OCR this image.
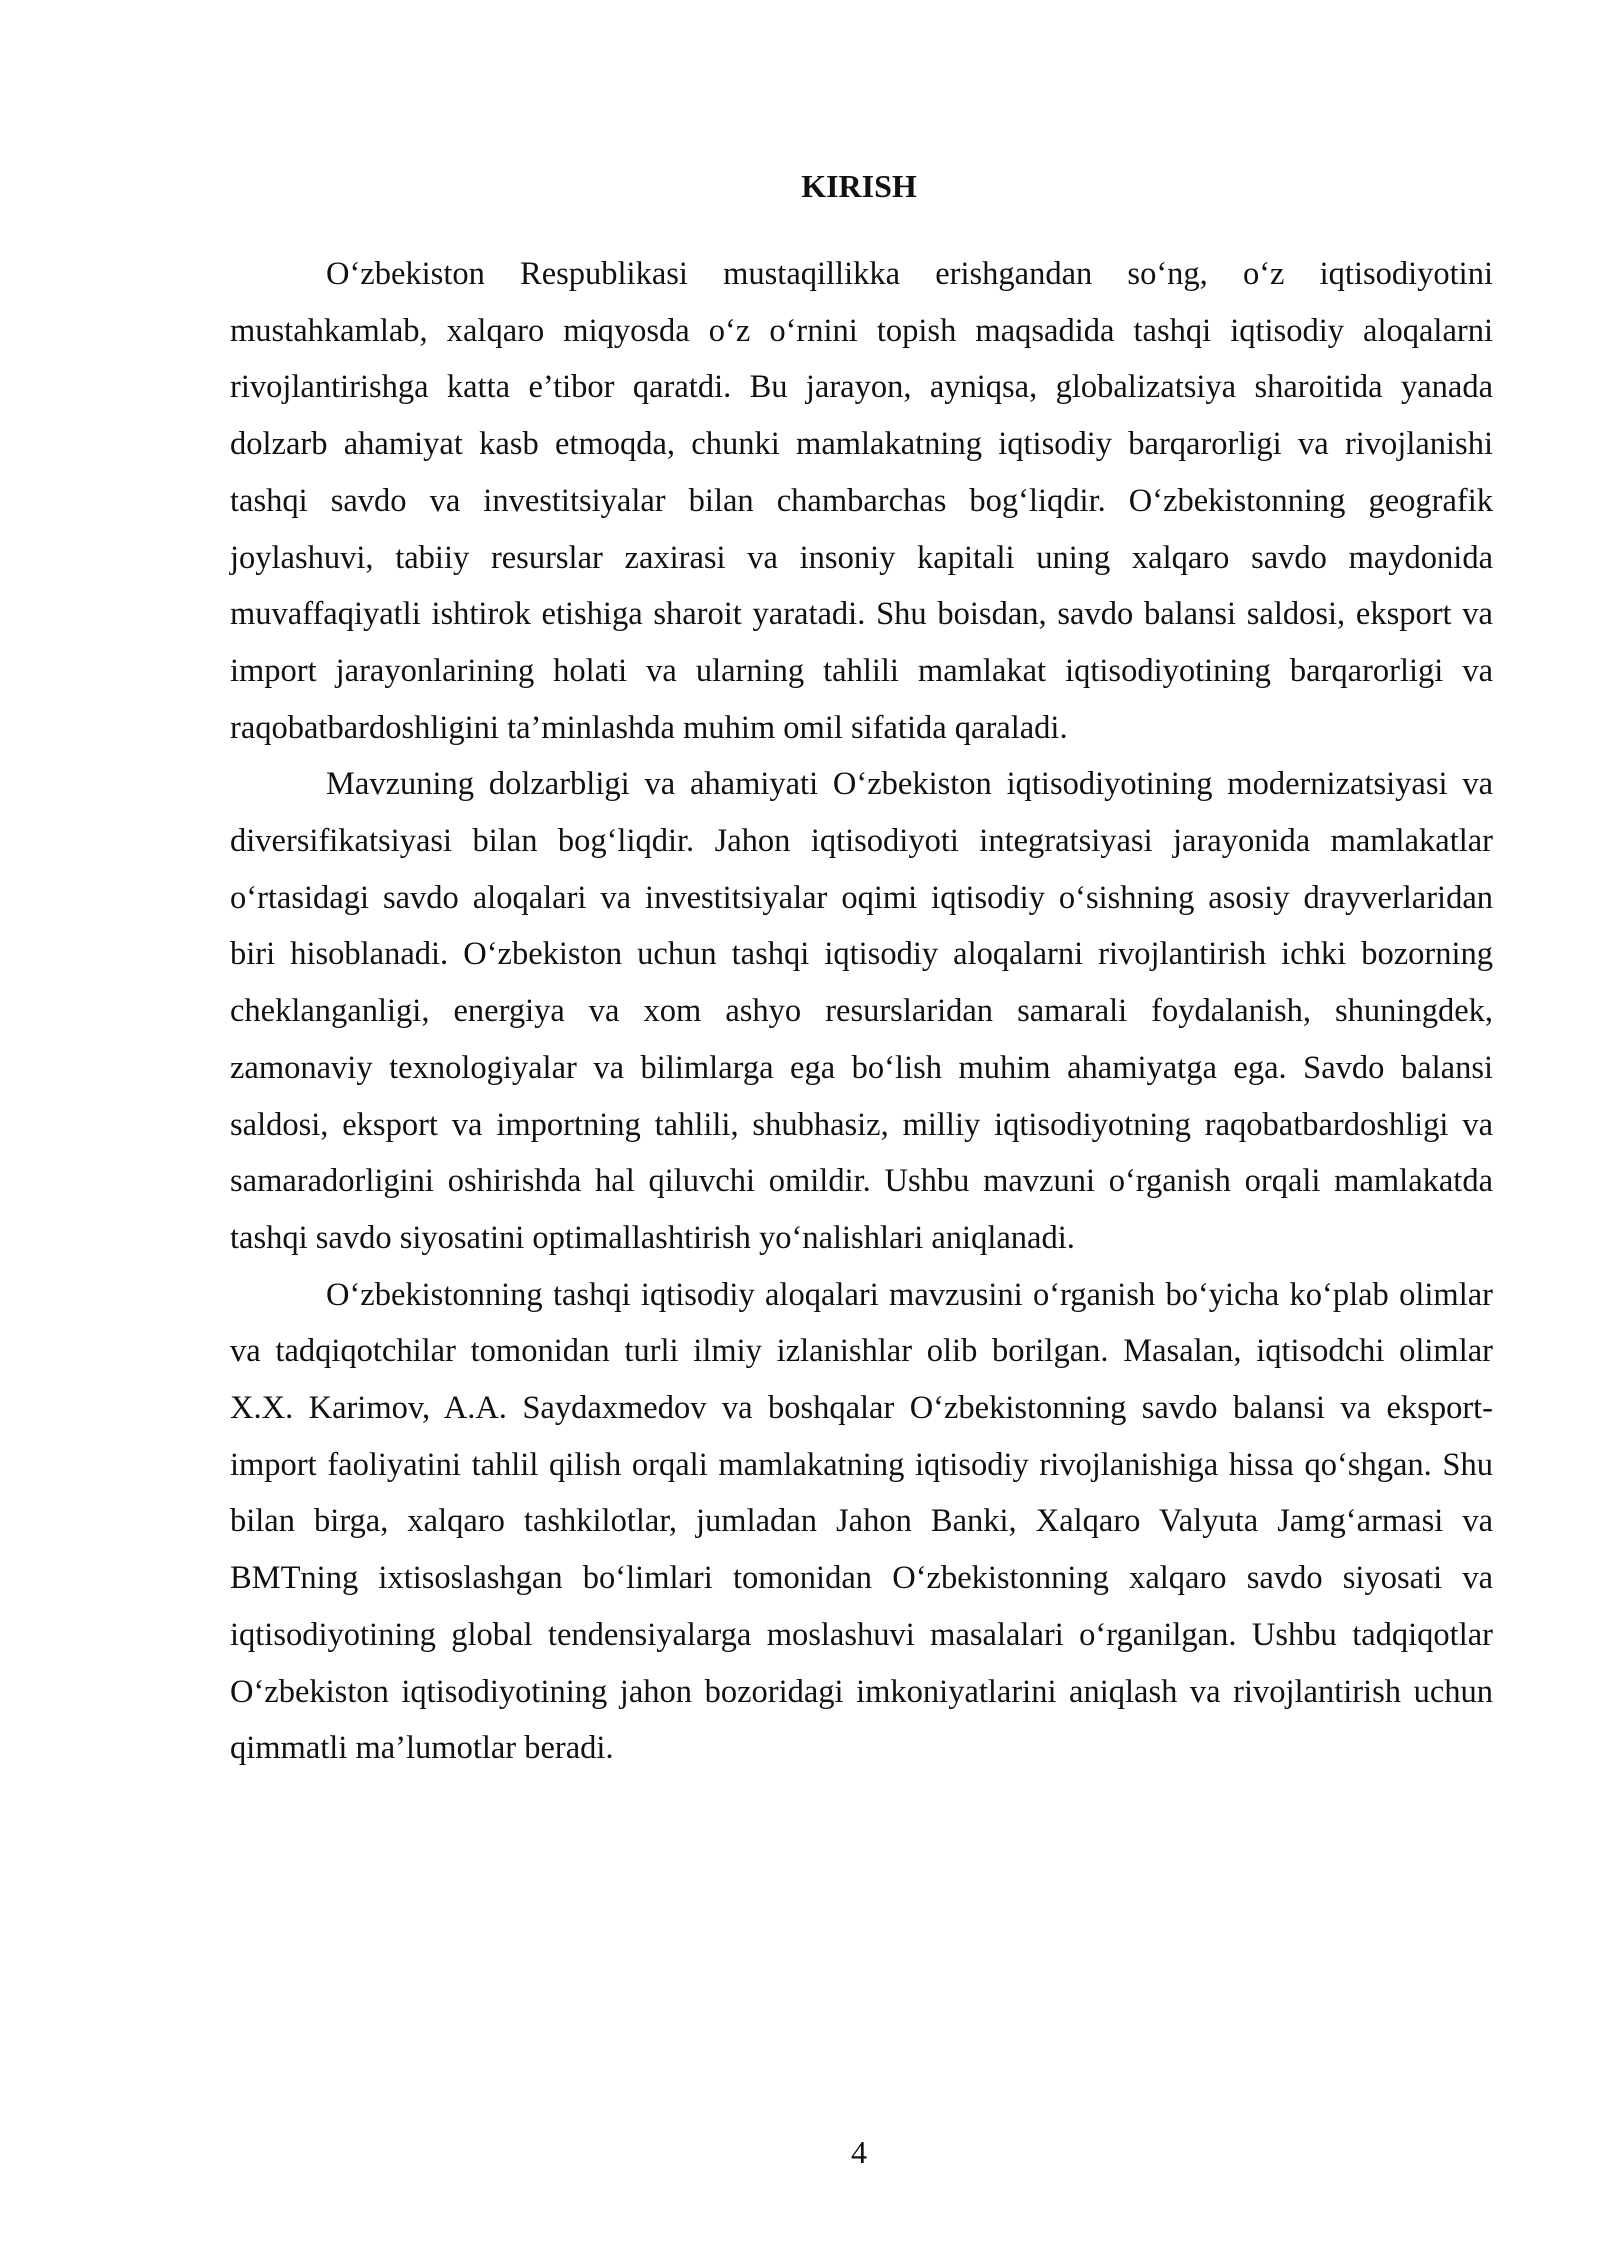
KIRISH

O‘zbekiston Respublikasi mustaqillikka erishgandan so‘ng, o‘z iqtisodiyotini mustahkamlab, xalqaro miqyosda o‘z o‘rnini topish maqsadida tashqi iqtisodiy aloqalarni rivojlantirishga katta e’tibor qaratdi. Bu jarayon, ayniqsa, globalizatsiya sharoitida yanada dolzarb ahamiyat kasb etmoqda, chunki mamlakatning iqtisodiy barqarorligi va rivojlanishi tashqi savdo va investitsiyalar bilan chambarchas bog‘liqdir. O‘zbekistonning geografik joylashuvi, tabiiy resurslar zaxirasi va insoniy kapitali uning xalqaro savdo maydonida muvaffaqiyatli ishtirok etishiga sharoit yaratadi. Shu boisdan, savdo balansi saldosi, eksport va import jarayonlarining holati va ularning tahlili mamlakat iqtisodiyotining barqarorligi va raqobatbardoshligini ta’minlashda muhim omil sifatida qaraladi.

Mavzuning dolzarbligi va ahamiyati O‘zbekiston iqtisodiyotining modernizatsiyasi va diversifikatsiyasi bilan bog‘liqdir. Jahon iqtisodiyoti integratsiyasi jarayonida mamlakatlar o‘rtasidagi savdo aloqalari va investitsiyalar oqimi iqtisodiy o‘sishning asosiy drayverlaridan biri hisoblanadi. O‘zbekiston uchun tashqi iqtisodiy aloqalarni rivojlantirish ichki bozorning cheklanganligi, energiya va xom ashyo resurslaridan samarali foydalanish, shuningdek, zamonaviy texnologiyalar va bilimlarga ega bo‘lish muhim ahamiyatga ega. Savdo balansi saldosi, eksport va importning tahlili, shubhasiz, milliy iqtisodiyotning raqobatbardoshligi va samaradorligini oshirishda hal qiluvchi omildir. Ushbu mavzuni o‘rganish orqali mamlakatda tashqi savdo siyosatini optimallashtirish yo‘nalishlari aniqlanadi.

O‘zbekistonning tashqi iqtisodiy aloqalari mavzusini o‘rganish bo‘yicha ko‘plab olimlar va tadqiqotchilar tomonidan turli ilmiy izlanishlar olib borilgan. Masalan, iqtisodchi olimlar X.X. Karimov, A.A. Saydaxmedov va boshqalar O‘zbekistonning savdo balansi va eksport-import faoliyatini tahlil qilish orqali mamlakatning iqtisodiy rivojlanishiga hissa qo‘shgan. Shu bilan birga, xalqaro tashkilotlar, jumladan Jahon Banki, Xalqaro Valyuta Jamg‘armasi va BMTning ixtisoslashgan bo‘limlari tomonidan O‘zbekistonning xalqaro savdo siyosati va iqtisodiyotining global tendensiyalarga moslashuvi masalalari o‘rganilgan. Ushbu tadqiqotlar O‘zbekiston iqtisodiyotining jahon bozoridagi imkoniyatlarini aniqlash va rivojlantirish uchun qimmatli ma’lumotlar beradi.

4
